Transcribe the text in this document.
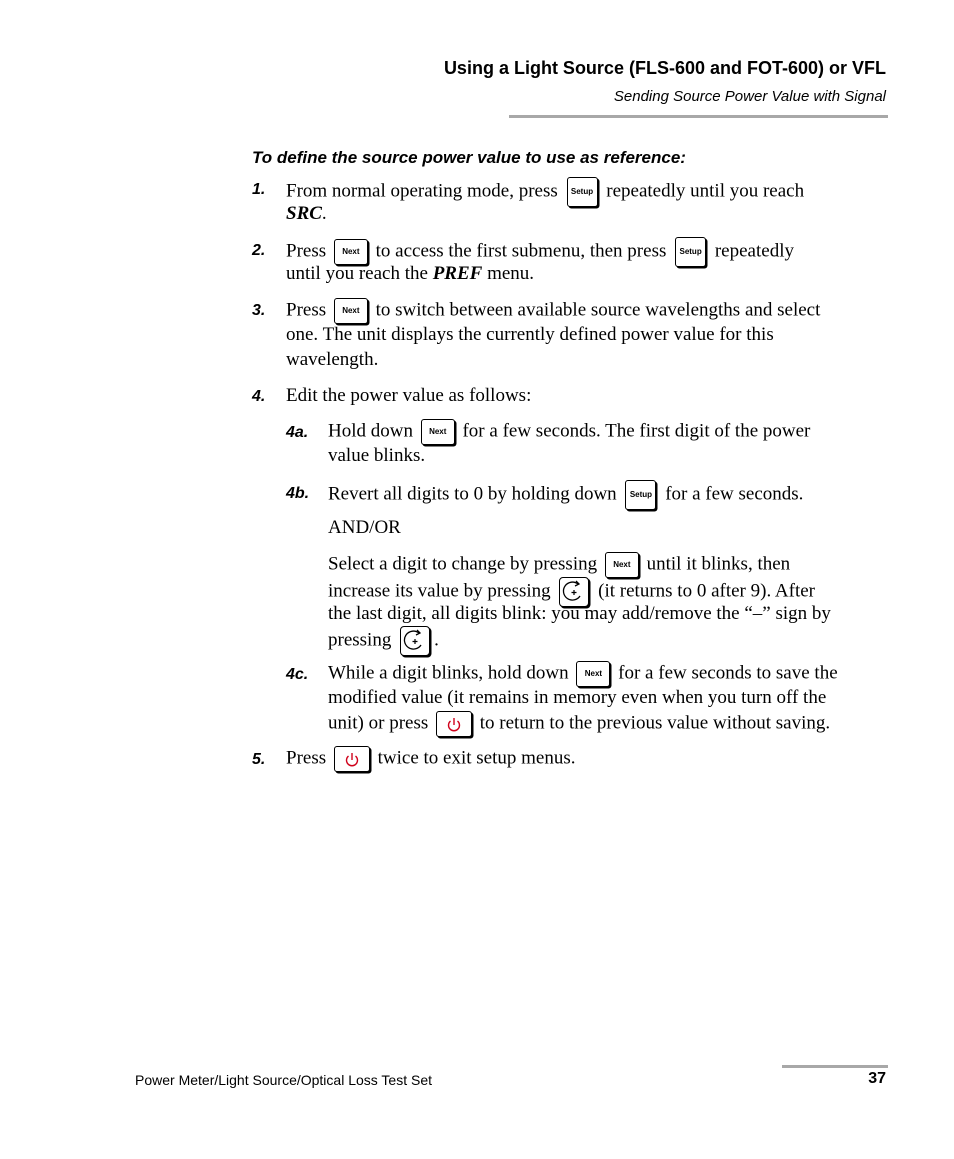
Using a Light Source (FLS-600 and FOT-600) or VFL
Sending Source Power Value with Signal
To define the source power value to use as reference:
1. From normal operating mode, press Setup repeatedly until you reach
SRC.
2. Press Next to access the first submenu, then press Setup repeatedly
until you reach the PREF menu.
3. Press Next to switch between available source wavelengths and select
one. The unit displays the currently defined power value for this
wavelength.
4. Edit the power value as follows:
4a. Hold down Next for a few seconds. The first digit of the power
value blinks.
4b. Revert all digits to 0 by holding down Setup for a few seconds.
AND/OR
Select a digit to change by pressing Next until it blinks, then
increase its value by pressing	(it returns to 0 after 9). After
the last digit, all digits blink: you may add/remove the “–” sign by
pressing .
4c. While a digit blinks, hold down Next for a few seconds to save the
modified value (it remains in memory even when you turn off the
unit) or press	to return to the previous value without saving.
5. Press	twice to exit setup menus.
Power Meter/Light Source/Optical Loss Test Set	37
